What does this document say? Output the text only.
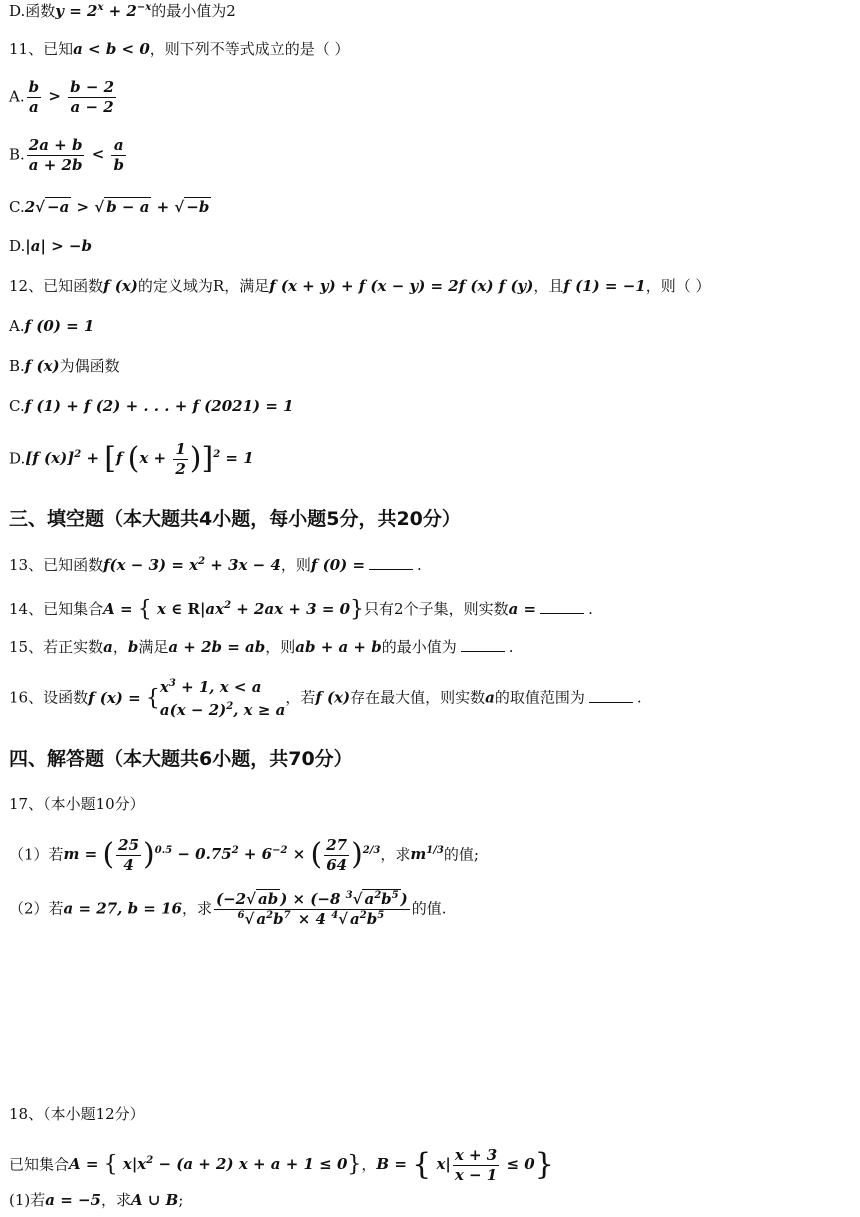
D.函数$y = 2^x + 2^{-x}$的最小值为2
11、已知a < b < 0，则下列不等式成立的是（ ）
A. $\frac{b}{a} > \frac{b - 2}{a - 2}$
B. $\frac{2a + b}{a + 2b} < \frac{a}{b}$
C.2√ −a > √ b − a + √ −b
D.|a| > −b
12、已知函数f (x)的定义域为R，满足f (x + y) + f (x − y) = 2f (x) f (y)，且f (1) = −1，则（ ）
A.f (0) = 1
B.f (x)为偶函数
C.f (1) + f (2) + . . . + f (2021) = 1
D.[f (x)]$^2$ + [f $(x + \frac{1}{2} )]^2 = 1$
三、填空题（本大题共4小题，每小题5分，共20分）
13、已知函数$f(x - 3) = x^2 + 3x - 4$，则f (0) =	.
14、已知集合A = { x ∈ $R|ax^2 + 2ax + 3 = 0$}只有2个子集，则实数a =	.
15、若正实数a，b满足a + 2b = ab，则ab + a + b的最小值为	.
16、设函数f (x) = { $x^3 + 1$, x < a
$a(x - 2)^2$, x ≥ a
，若f (x)存在最大值，则实数a的取值范围为	.
四、解答题（本大题共6小题，共70分）
17、（本小题10分）
（1）若m = ( $\frac{25}{4} )^{0.5} - 0.75^2 + 6^{-2}$ × ( $\frac{27}{64} )^{2/3}$，求$m^{1/3}$的值;
（2）若a = 27, b = 16，求 $\frac{(-2√ ab ) \times (-8 ^3√ a^2b^5 )}{^6√ a^2b^7 \times 4 ^4√ a^2b^5}$ 的值.
18、（本小题12分）
已知集合A = { $x|x^2 - (a + 2) x + a + 1 \le 0$}，B = { $x| \frac{x + 3}{x - 1} \le 0$}
(1)若a = −5，求A ∪ B;
